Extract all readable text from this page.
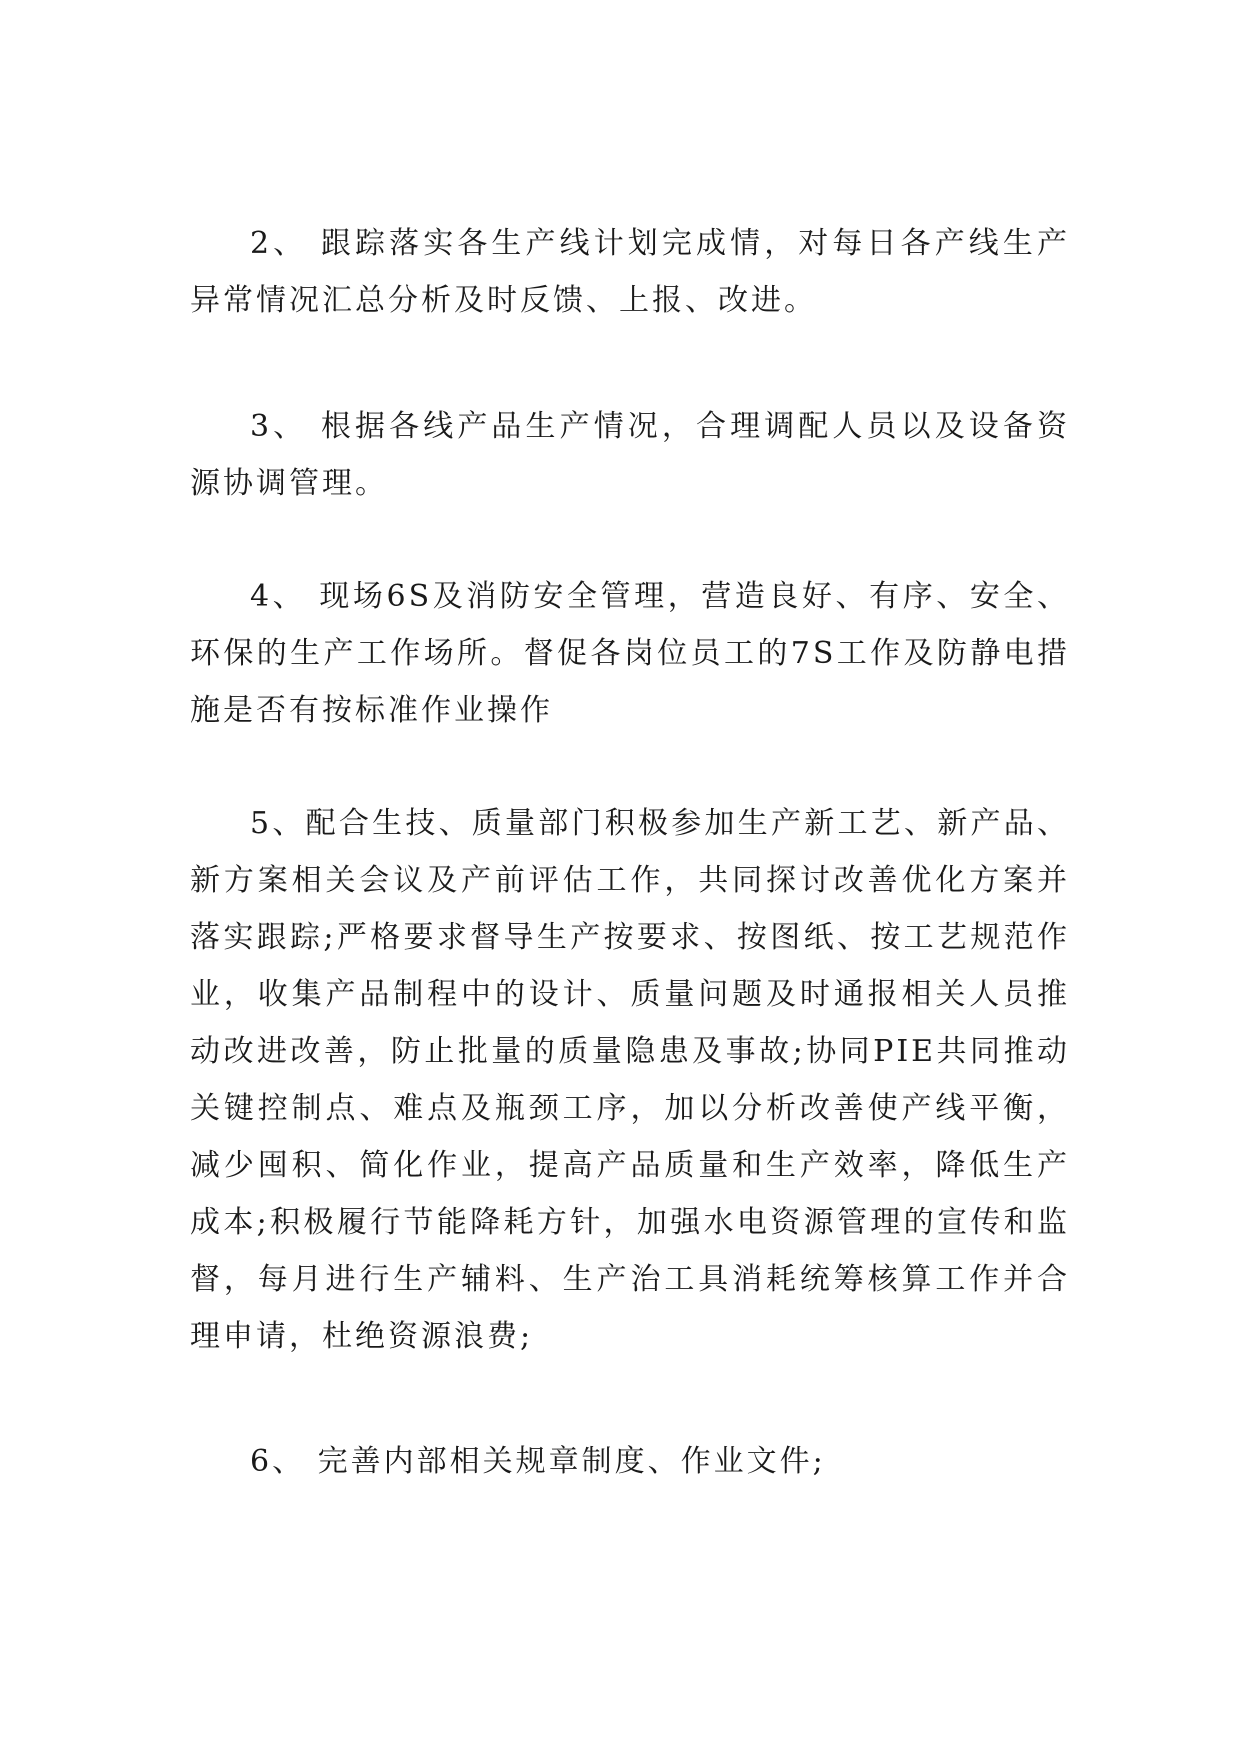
2、 跟踪落实各生产线计划完成情，对每日各产线生产异常情况汇总分析及时反馈、上报、改进。

3、 根据各线产品生产情况，合理调配人员以及设备资源协调管理。

4、 现场6S及消防安全管理，营造良好、有序、安全、环保的生产工作场所。督促各岗位员工的7S工作及防静电措施是否有按标准作业操作

5、配合生技、质量部门积极参加生产新工艺、新产品、新方案相关会议及产前评估工作，共同探讨改善优化方案并落实跟踪;严格要求督导生产按要求、按图纸、按工艺规范作业，收集产品制程中的设计、质量问题及时通报相关人员推动改进改善，防止批量的质量隐患及事故;协同PIE共同推动关键控制点、难点及瓶颈工序，加以分析改善使产线平衡，减少囤积、简化作业，提高产品质量和生产效率，降低生产成本;积极履行节能降耗方针，加强水电资源管理的宣传和监督，每月进行生产辅料、生产治工具消耗统筹核算工作并合理申请，杜绝资源浪费;

6、 完善内部相关规章制度、作业文件;
